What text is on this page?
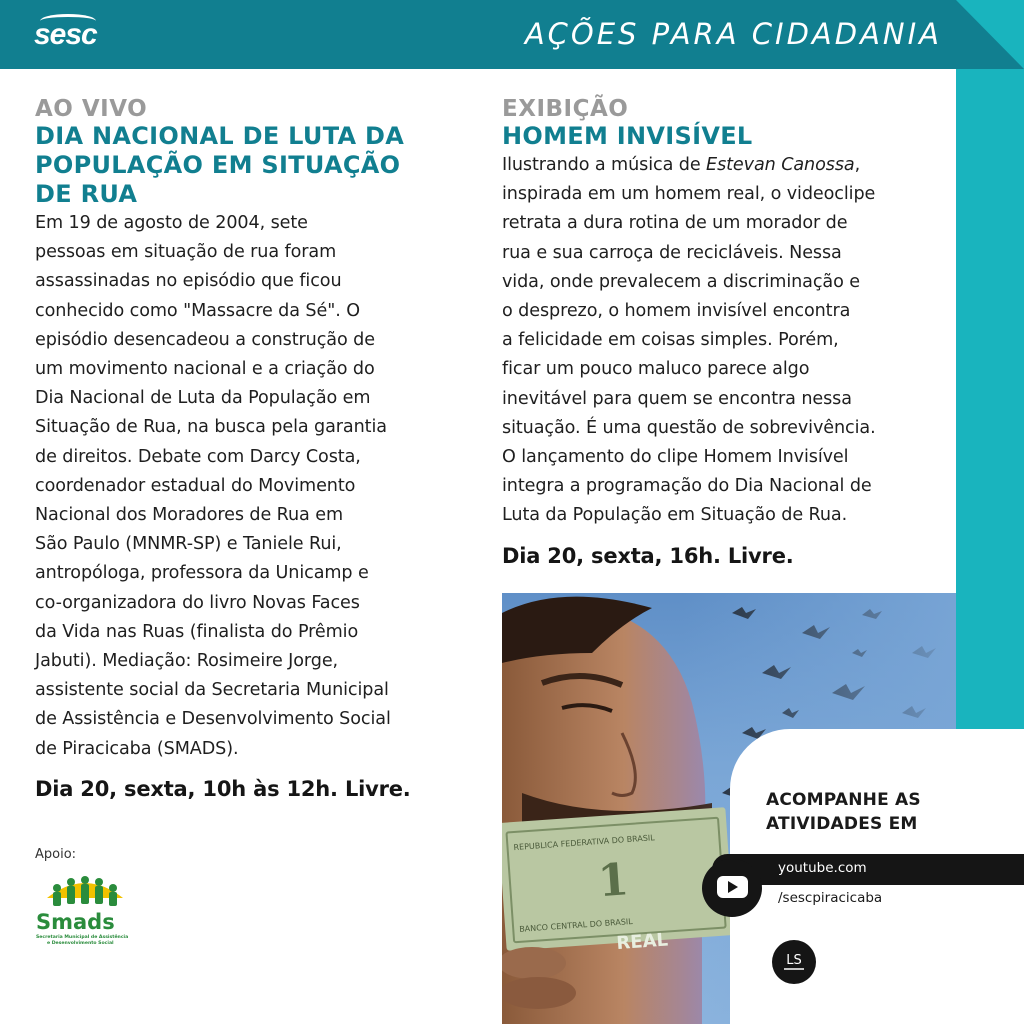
sesc	AÇÕES PARA CIDADANIA
AO VIVO
DIA NACIONAL DE LUTA DA
POPULAÇÃO EM SITUAÇÃO
DE RUA
Em 19 de agosto de 2004, sete
pessoas em situação de rua foram
assassinadas no episódio que ficou
conhecido como "Massacre da Sé". O
episódio desencadeou a construção de
um movimento nacional e a criação do
Dia Nacional de Luta da População em
Situação de Rua, na busca pela garantia
de direitos. Debate com Darcy Costa,
coordenador estadual do Movimento
Nacional dos Moradores de Rua em
São Paulo (MNMR-SP) e Taniele Rui,
antropóloga, professora da Unicamp e
co-organizadora do livro Novas Faces
da Vida nas Ruas (finalista do Prêmio
Jabuti). Mediação: Rosimeire Jorge,
assistente social da Secretaria Municipal
de Assistência e Desenvolvimento Social
de Piracicaba (SMADS).
Dia 20, sexta, 10h às 12h. Livre.
Apoio:
Smads
Secretaria Municipal de Assistência
e Desenvolvimento Social
EXIBIÇÃO
HOMEM INVISÍVEL
Ilustrando a música de Estevan Canossa,
inspirada em um homem real, o videoclipe
retrata a dura rotina de um morador de
rua e sua carroça de recicláveis. Nessa
vida, onde prevalecem a discriminação e
o desprezo, o homem invisível encontra
a felicidade em coisas simples. Porém,
ficar um pouco maluco parece algo
inevitável para quem se encontra nessa
situação. É uma questão de sobrevivência.
O lançamento do clipe Homem Invisível
integra a programação do Dia Nacional de
Luta da População em Situação de Rua.
Dia 20, sexta, 16h. Livre.
1
REPUBLICA FEDERATIVA DO BRASIL
BANCO CENTRAL DO BRASIL
REAL
ACOMPANHE AS
ATIVIDADES EM
youtube.com
/sescpiracicaba
LS
